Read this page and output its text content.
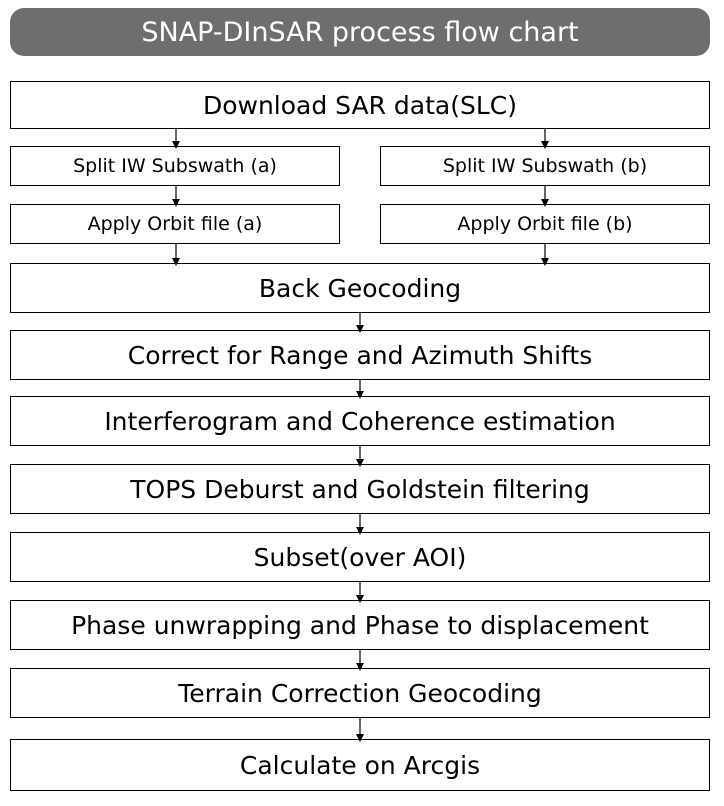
SNAP-DInSAR process flow chart
Download SAR data(SLC)
Split IW Subswath (a)	Split IW Subswath (b)
Apply Orbit file (a)	Apply Orbit file (b)
Back Geocoding
Correct for Range and Azimuth Shifts
Interferogram and Coherence estimation
TOPS Deburst and Goldstein filtering
Subset(over AOI)
Phase unwrapping and Phase to displacement
Terrain Correction Geocoding
Calculate on Arcgis
